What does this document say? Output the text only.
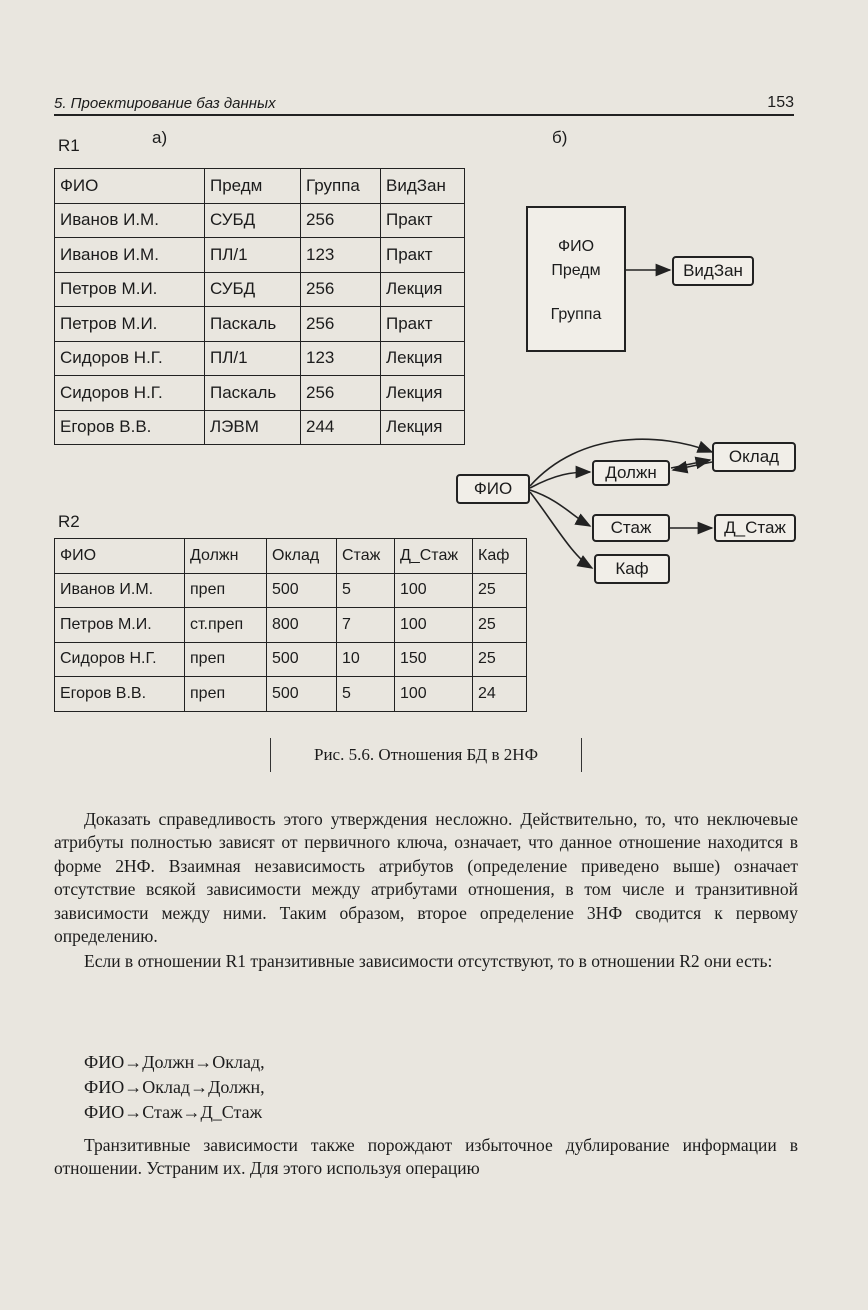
5. Проектирование баз данных	153
R1	а)	б)
ФИО	Предм	Группа	ВидЗан
Иванов И.М.	СУБД	256	Практ
Иванов И.М.	ПЛ/1	123	Практ
Петров М.И.	СУБД	256	Лекция
Петров М.И.	Паскаль	256	Практ
Сидоров Н.Г.	ПЛ/1	123	Лекция
Сидоров Н.Г.	Паскаль	256	Лекция
Егоров В.В.	ЛЭВМ	244	Лекция
R2
ФИО	Должн	Оклад	Стаж	Д_Стаж	Каф
Иванов И.М.	преп	500	5	100	25
Петров М.И.	ст.преп	800	7	100	25
Сидоров Н.Г.	преп	500	10	150	25
Егоров В.В.	преп	500	5	100	24
ФИО
Предм
Группа
ВидЗан
ФИО
Должн
Оклад
Стаж	Д_Стаж
Каф
Рис. 5.6. Отношения БД в 2НФ

Доказать справедливость этого утверждения несложно. Действительно, то, что неключевые атрибуты полностью зависят от первичного ключа, означает, что данное отношение находится в форме 2НФ. Взаимная независимость атрибутов (определение приведено выше) означает отсутствие всякой зависимости между атрибутами отношения, в том числе и транзитивной зависимости между ними. Таким образом, второе определение 3НФ сводится к первому определению.

Если в отношении R1 транзитивные зависимости отсутствуют, то в отношении R2 они есть:

ФИО→Должн→Оклад,
ФИО→Оклад→Должн,
ФИО→Стаж→Д_Стаж

Транзитивные зависимости также порождают избыточное дублирование информации в отношении. Устраним их. Для этого используя операцию
